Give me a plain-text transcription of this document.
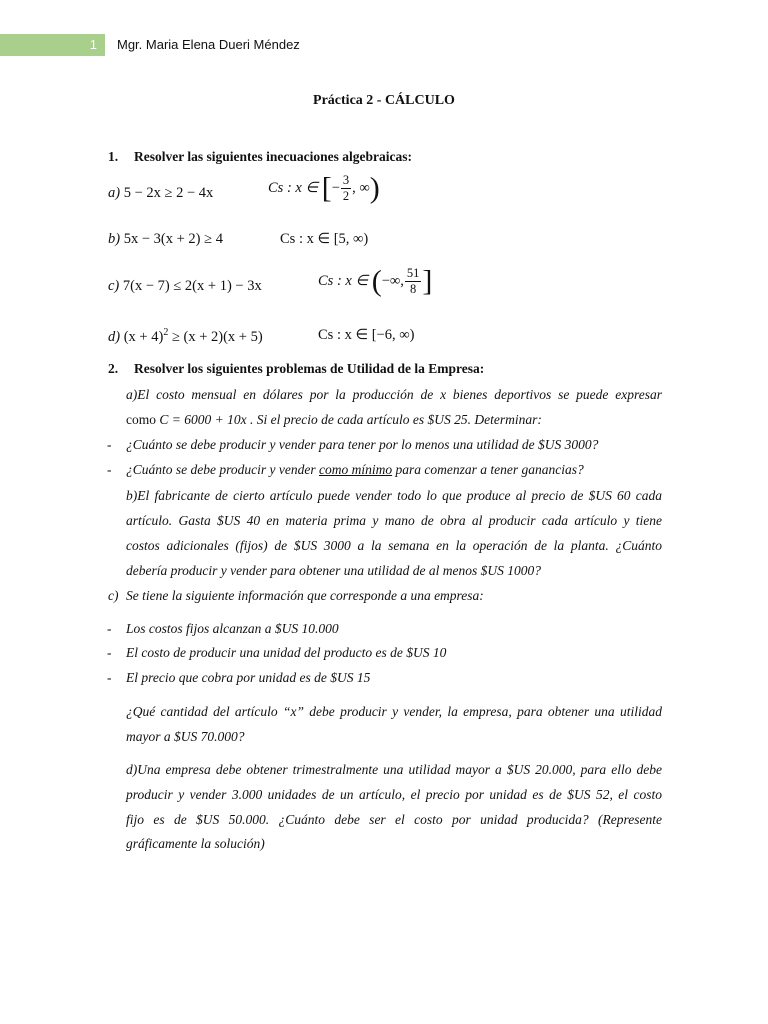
1 Mgr. Maria Elena Dueri Méndez
Práctica 2 - CÁLCULO
1. Resolver las siguientes inecuaciones algebraicas:
a) 5 − 2x ≥ 2 − 4x	Cs : x ∈ [− $\frac{3}{2}$ , ∞)
b) 5x − 3(x + 2) ≥ 4	Cs : x ∈ [5, ∞)
c) 7(x − 7) ≤ 2(x + 1) − 3x	Cs : x ∈ (−∞, $\frac{51}{8}$ ]
d) $(x + 4)^2 \ge (x + 2)(x + 5)$	Cs : x ∈ [−6, ∞)
2. Resolver los siguientes problemas de Utilidad de la Empresa:
a)El costo mensual en dólares por la producción de x bienes deportivos se puede expresar
como C = 6000 + 10x . Si el precio de cada artículo es $US 25. Determinar:
- ¿Cuánto se debe producir y vender para tener por lo menos una utilidad de $US 3000?
- ¿Cuánto se debe producir y vender como mínimo para comenzar a tener ganancias?
b)El fabricante de cierto artículo puede vender todo lo que produce al precio de $US 60 cada
artículo. Gasta $US 40 en materia prima y mano de obra al producir cada artículo y tiene
costos adicionales (fijos) de $US 3000 a la semana en la operación de la planta. ¿Cuánto
debería producir y vender para obtener una utilidad de al menos $US 1000?
c) Se tiene la siguiente información que corresponde a una empresa:
- Los costos fijos alcanzan a $US 10.000
- El costo de producir una unidad del producto es de $US 10
- El precio que cobra por unidad es de $US 15
¿Qué cantidad del artículo “x” debe producir y vender, la empresa, para obtener una utilidad
mayor a $US 70.000?
d)Una empresa debe obtener trimestralmente una utilidad mayor a $US 20.000, para ello debe
producir y vender 3.000 unidades de un artículo, el precio por unidad es de $US 52, el costo
fijo es de $US 50.000. ¿Cuánto debe ser el costo por unidad producida? (Represente
gráficamente la solución)
